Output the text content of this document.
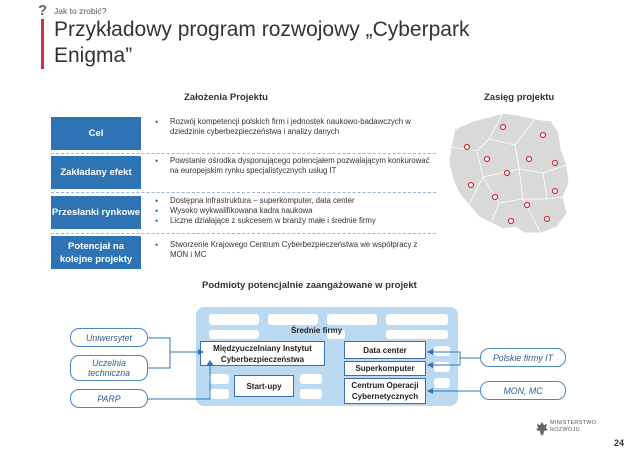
? Jak to zrobić?
Przykładowy program rozwojowy „Cyberpark Enigma”
Założenia Projektu	Zasięg projektu
Cel
• Rozwój kompetencji polskich firm i jednostek naukowo-badawczych w dziedzinie cyberbezpieczeństwa i analizy danych
Zakładany efekt
• Powstanie ośrodka dysponującego potencjałem pozwalającym konkurować na europejskim rynku specjalistycznych usług IT
Przesłanki rynkowe
• Dostępna infrastruktura – superkomputer, data center
• Wysoko wykwalifikowana kadra naukowa
• Liczne działające z sukcesem w branży małe i średnie firmy
Potencjał na kolejne projekty
• Stworzenie Krajowego Centrum Cyberbezpieczeństwa we współpracy z MON i MC
Podmioty potencjalnie zaangażowane w projekt
Średnie firmy
Międzyuczelniany Instytut Cyberbezpieczeństwa
Start-upy
Data center
Superkomputer
Centrum Operacji Cybernetycznych
Uniwersytet
Uczelnia techniczna
PARP
Polskie firmy IT
MON, MC
MINISTERSTWO ROZWOJU
24
